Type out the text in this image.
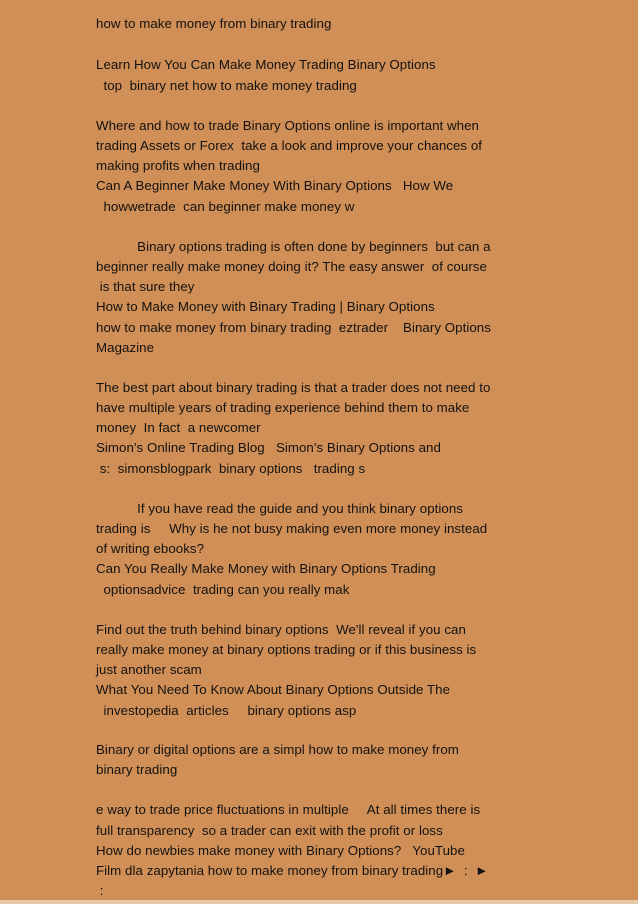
how to make money from binary trading
Learn How You Can Make Money Trading Binary Options
top  binary net how to make money trading
Where and how to trade Binary Options online is important when
trading Assets or Forex  take a look and improve your chances of
making profits when trading
Can A Beginner Make Money With Binary Options   How We
howwetrade  can beginner make money w
Binary options trading is often done by beginners  but can a
beginner really make money doing it? The easy answer  of course
is that sure they
How to Make Money with Binary Trading | Binary Options
how to make money from binary trading  eztrader    Binary Options
Magazine
The best part about binary trading is that a trader does not need to
have multiple years of trading experience behind them to make
money  In fact  a newcomer
Simon's Online Trading Blog   Simon's Binary Options and
s:  simonsblogpark  binary options   trading s
If you have read the guide and you think binary options
trading is     Why is he not busy making even more money instead
of writing ebooks?
Can You Really Make Money with Binary Options Trading
optionsadvice  trading can you really mak
Find out the truth behind binary options  We'll reveal if you can
really make money at binary options trading or if this business is
just another scam
What You Need To Know About Binary Options Outside The
investopedia  articles     binary options asp
Binary or digital options are a simpl how to make money from
binary trading
e way to trade price fluctuations in multiple     At all times there is
full transparency  so a trader can exit with the profit or loss
How do newbies make money with Binary Options?   YouTube
Film dla zapytania how to make money from binary trading►  :  ►
:
